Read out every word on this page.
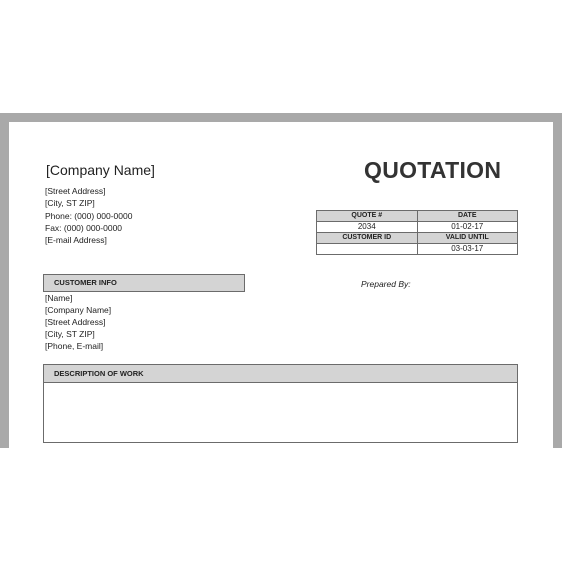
[Company Name]
[Street Address]
[City, ST ZIP]
Phone: (000) 000-0000
Fax: (000) 000-0000
[E-mail Address]
QUOTATION
QUOTE #	DATE
2034	01-02-17
CUSTOMER ID	VALID UNTIL
	03-03-17
Prepared By:
CUSTOMER INFO
[Name]
[Company Name]
[Street Address]
[City, ST ZIP]
[Phone, E-mail]
DESCRIPTION OF WORK
